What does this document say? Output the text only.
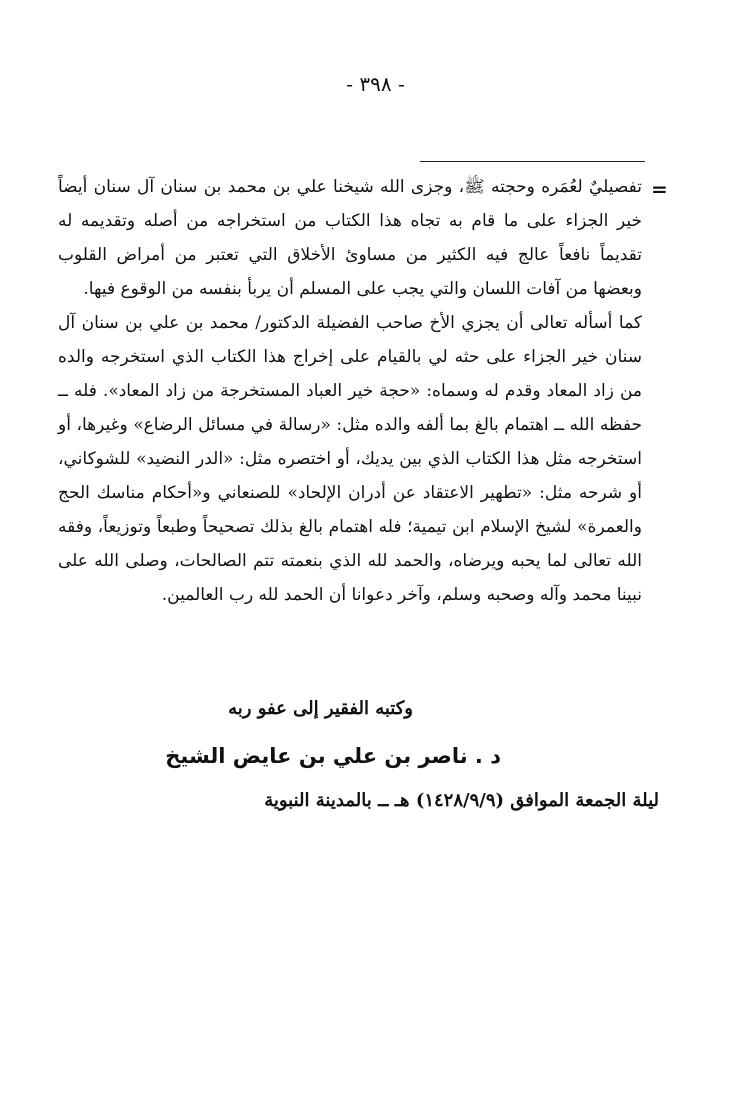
- ٣٩٨ -
=

تفصيليٌ لعُمَره وحجته ﷺ، وجزى الله شيخنا علي بن محمد بن سنان آل سنان أيضاً خير الجزاء على ما قام به تجاه هذا الكتاب من استخراجه من أصله وتقديمه له تقديماً نافعاً عالج فيه الكثير من مساوئ الأخلاق التي تعتبر من أمراض القلوب وبعضها من آفات اللسان والتي يجب على المسلم أن يربأ بنفسه من الوقوع فيها.

كما أسأله تعالى أن يجزي الأخ صاحب الفضيلة الدكتور/ محمد بن علي بن سنان آل سنان خير الجزاء على حثه لي بالقيام على إخراج هذا الكتاب الذي استخرجه والده من زاد المعاد وقدم له وسماه: «حجة خير العباد المستخرجة من زاد المعاد». فله ــ حفظه الله ــ اهتمام بالغ بما ألفه والده مثل: «رسالة في مسائل الرضاع» وغيرها، أو استخرجه مثل هذا الكتاب الذي بين يديك، أو اختصره مثل: «الدر النضيد» للشوكاني، أو شرحه مثل: «تطهير الاعتقاد عن أدران الإلحاد» للصنعاني و«أحكام مناسك الحج والعمرة» لشيخ الإسلام ابن تيمية؛ فله اهتمام بالغ بذلك تصحيحاً وطبعاً وتوزيعاً، وفقه الله تعالى لما يحبه ويرضاه، والحمد لله الذي بنعمته تتم الصالحات، وصلى الله على نبينا محمد وآله وصحبه وسلم، وآخر دعوانا أن الحمد لله رب العالمين.

وكتبه الفقير إلى عفو ربه
د . ناصر بن علي بن عايض الشيخ
ليلة الجمعة الموافق (١٤٢٨/٩/٩) هـ ــ بالمدينة النبوية
